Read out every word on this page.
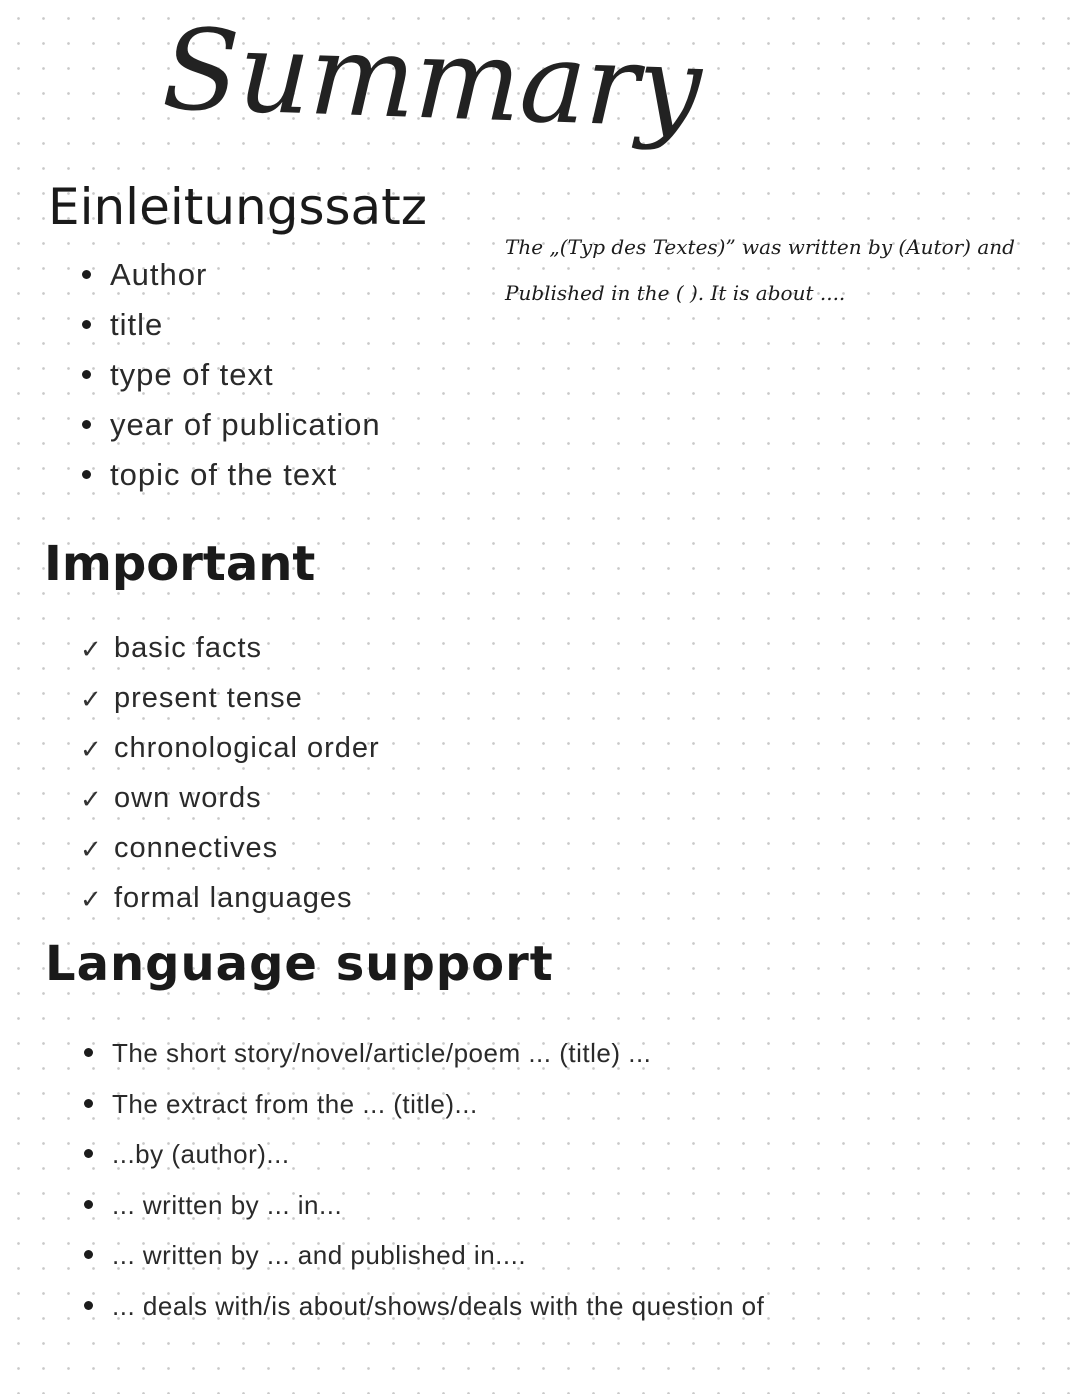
Summary
Einleitungssatz
Author
title
type of text
year of publication
topic of the text
The „(Typ des Textes)” was written by (Autor) and
Published in the ( ). It is about ....
Important
✓ basic facts
✓ present tense
✓ chronological order
✓ own words
✓ connectives
✓ formal languages
Language support
The short story/novel/article/poem ... (title) ...
The extract from the ... (title)...
...by (author)...
... written by ... in...
... written by ... and published in....
... deals with/is about/shows/deals with the question of
